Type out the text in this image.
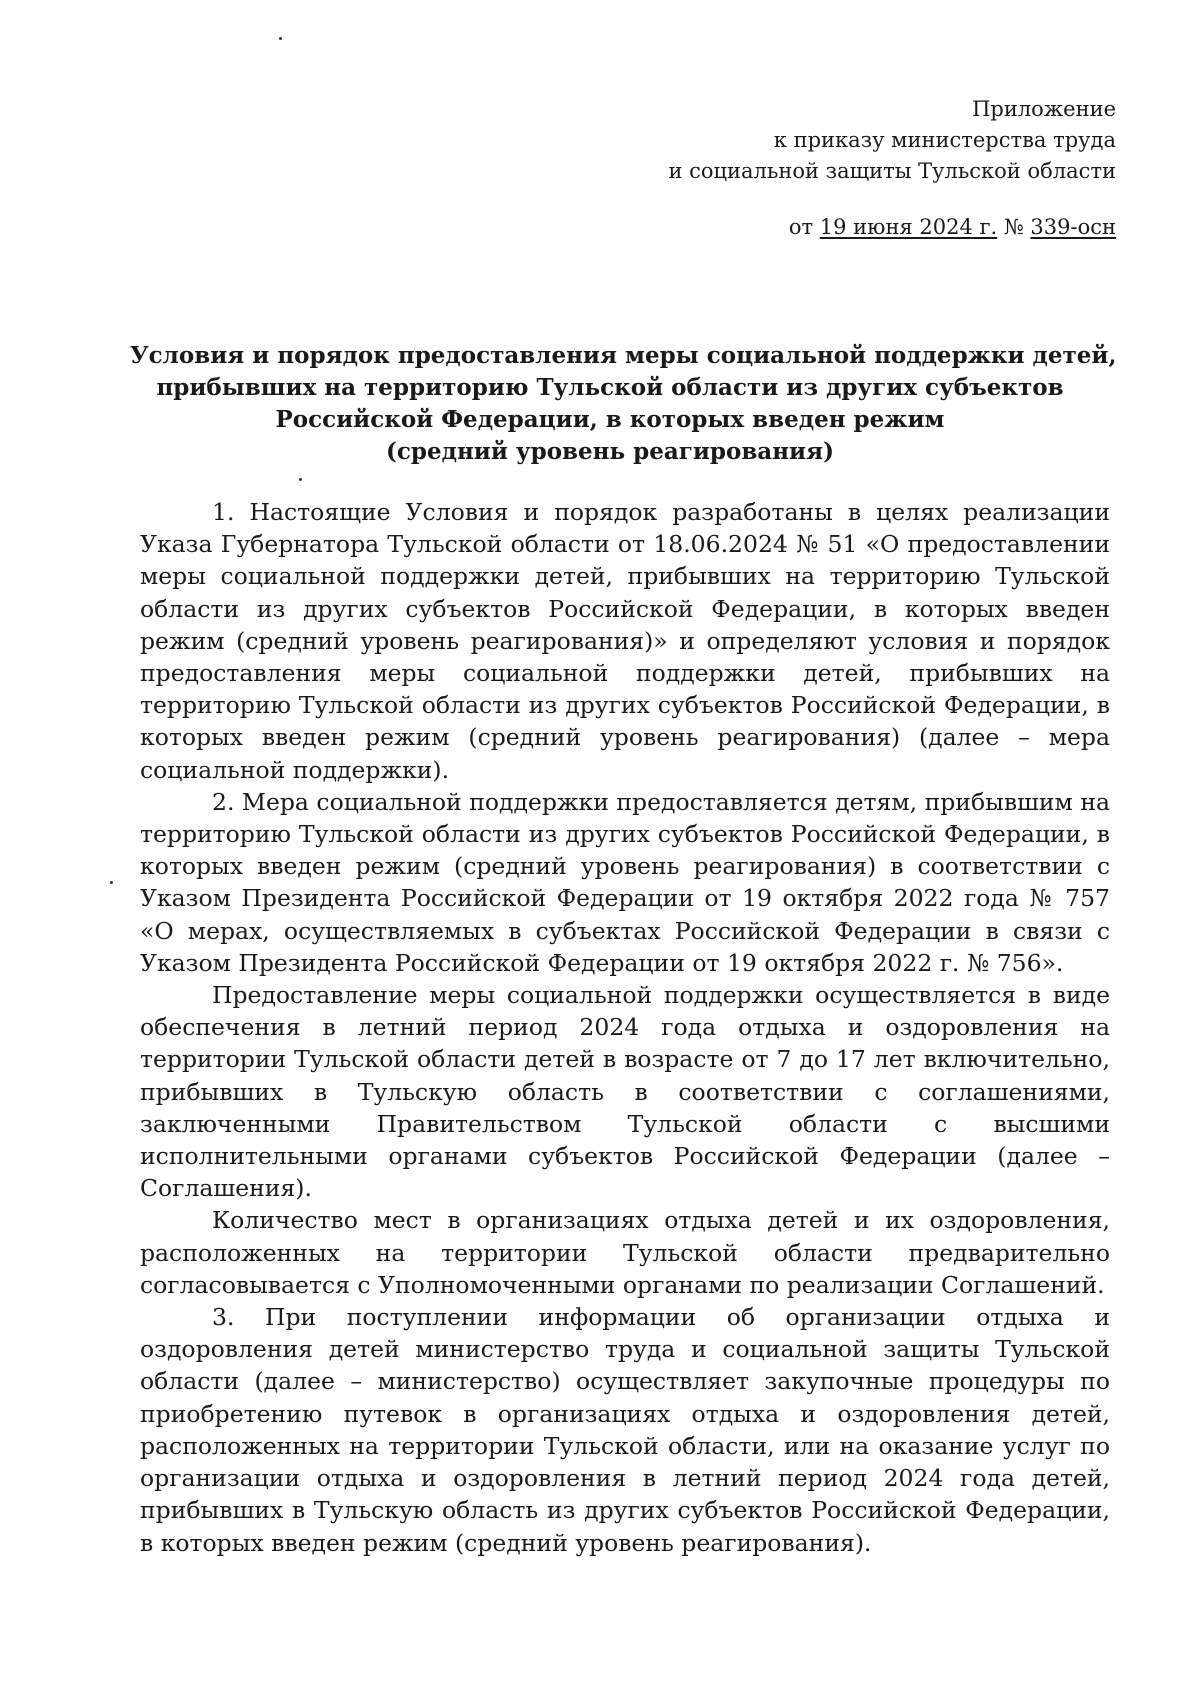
Приложение
к приказу министерства труда
и социальной защиты Тульской области
от 19 июня 2024 г. № 339-осн
Условия и порядок предоставления меры социальной поддержки детей,
прибывших на территорию Тульской области из других субъектов
Российской Федерации, в которых введен режим
(средний уровень реагирования)

1. Настоящие Условия и порядок разработаны в целях реализации Указа Губернатора Тульской области от 18.06.2024 № 51 «О предоставлении меры социальной поддержки детей, прибывших на территорию Тульской области из других субъектов Российской Федерации, в которых введен режим (средний уровень реагирования)» и определяют условия и порядок предоставления меры социальной поддержки детей, прибывших на территорию Тульской области из других субъектов Российской Федерации, в которых введен режим (средний уровень реагирования) (далее – мера социальной поддержки).

2. Мера социальной поддержки предоставляется детям, прибывшим на территорию Тульской области из других субъектов Российской Федерации, в которых введен режим (средний уровень реагирования) в соответствии с Указом Президента Российской Федерации от 19 октября 2022 года № 757 «О мерах, осуществляемых в субъектах Российской Федерации в связи с Указом Президента Российской Федерации от 19 октября 2022 г. № 756».

Предоставление меры социальной поддержки осуществляется в виде обеспечения в летний период 2024 года отдыха и оздоровления на территории Тульской области детей в возрасте от 7 до 17 лет включительно, прибывших в Тульскую область в соответствии с соглашениями, заключенными Правительством Тульской области с высшими исполнительными органами субъектов Российской Федерации (далее – Соглашения).

Количество мест в организациях отдыха детей и их оздоровления, расположенных на территории Тульской области предварительно согласовывается с Уполномоченными органами по реализации Соглашений.

3. При поступлении информации об организации отдыха и оздоровления детей министерство труда и социальной защиты Тульской области (далее – министерство) осуществляет закупочные процедуры по приобретению путевок в организациях отдыха и оздоровления детей, расположенных на территории Тульской области, или на оказание услуг по организации отдыха и оздоровления в летний период 2024 года детей, прибывших в Тульскую область из других субъектов Российской Федерации, в которых введен режим (средний уровень реагирования).
